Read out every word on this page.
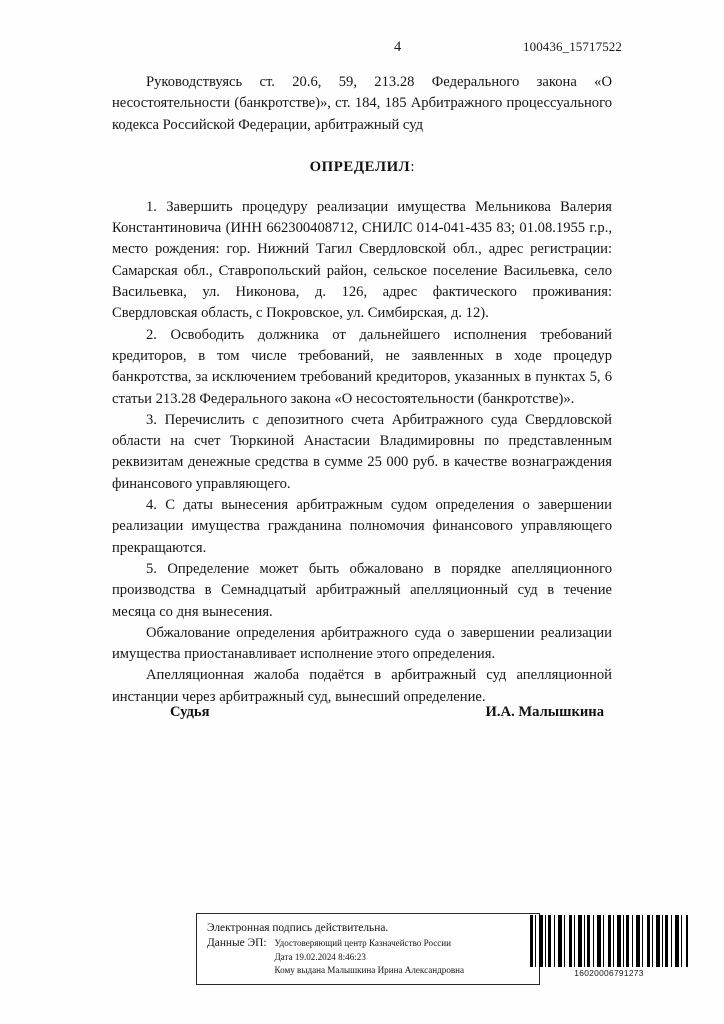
4	100436_15717522

Руководствуясь ст. 20.6, 59, 213.28 Федерального закона «О несостоятельности (банкротстве)», ст. 184, 185 Арбитражного процессуального кодекса Российской Федерации, арбитражный суд

ОПРЕДЕЛИЛ:

1. Завершить процедуру реализации имущества Мельникова Валерия Константиновича (ИНН 662300408712, СНИЛС 014-041-435 83; 01.08.1955 г.р., место рождения: гор. Нижний Тагил Свердловской обл., адрес регистрации: Самарская обл., Ставропольский район, сельское поселение Васильевка, село Васильевка, ул. Никонова, д. 126, адрес фактического проживания: Свердловская область, с Покровское, ул. Симбирская, д. 12).

2. Освободить должника от дальнейшего исполнения требований кредиторов, в том числе требований, не заявленных в ходе процедур банкротства, за исключением требований кредиторов, указанных в пунктах 5, 6 статьи 213.28 Федерального закона «О несостоятельности (банкротстве)».

3. Перечислить с депозитного счета Арбитражного суда Свердловской области на счет Тюркиной Анастасии Владимировны по представленным реквизитам денежные средства в сумме 25 000 руб. в качестве вознаграждения финансового управляющего.

4. С даты вынесения арбитражным судом определения о завершении реализации имущества гражданина полномочия финансового управляющего прекращаются.

5. Определение может быть обжаловано в порядке апелляционного производства в Семнадцатый арбитражный апелляционный суд в течение месяца со дня вынесения.

Обжалование определения арбитражного суда о завершении реализации имущества приостанавливает исполнение этого определения.

Апелляционная жалоба подаётся в арбитражный суд апелляционной инстанции через арбитражный суд, вынесший определение.

Судья	И.А. Малышкина
Электронная подпись действительна.
Данные ЭП: Удостоверяющий центр Казначейство России
Дата 19.02.2024 8:46:23
Кому выдана Малышкина Ирина Александровна	16020006791273
